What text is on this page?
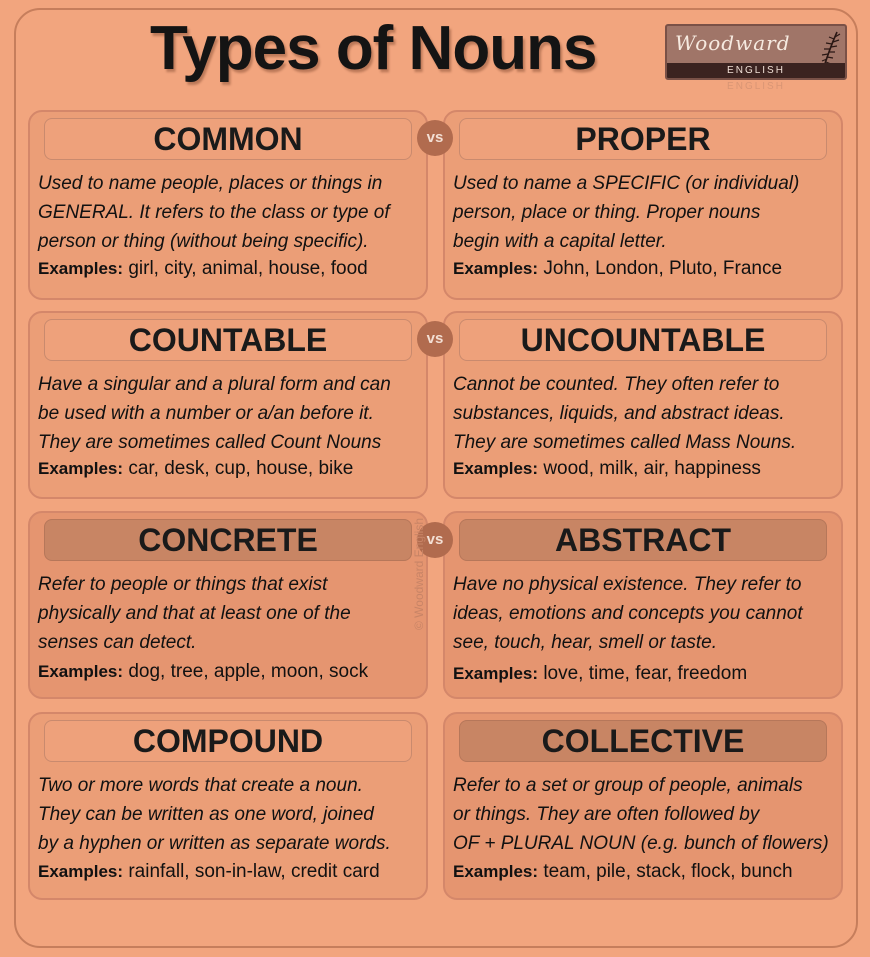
Types of Nouns	Woodward
ENGLISH
ENGLISH
COMMON
Used to name people, places or things in
GENERAL. It refers to the class or type of
person or thing (without being specific).
Examples: girl, city, animal, house, food
PROPER
Used to name a SPECIFIC (or individual)
person, place or thing. Proper nouns
begin with a capital letter.
Examples: John, London, Pluto, France
vs
COUNTABLE
Have a singular and a plural form and can
be used with a number or a/an before it.
They are sometimes called Count Nouns
Examples: car, desk, cup, house, bike
UNCOUNTABLE
Cannot be counted. They often refer to
substances, liquids, and abstract ideas.
They are sometimes called Mass Nouns.
Examples: wood, milk, air, happiness
vs
CONCRETE
Refer to people or things that exist
physically and that at least one of the
senses can detect.
Examples: dog, tree, apple, moon, sock
ABSTRACT
Have no physical existence. They refer to
ideas, emotions and concepts you cannot
see, touch, hear, smell or taste.
Examples: love, time, fear, freedom
vs
COMPOUND
Two or more words that create a noun.
They can be written as one word, joined
by a hyphen or written as separate words.
Examples: rainfall, son-in-law, credit card
COLLECTIVE
Refer to a set or group of people, animals
or things. They are often followed by
OF + PLURAL NOUN (e.g. bunch of flowers)
Examples: team, pile, stack, flock, bunch
© Woodward English
